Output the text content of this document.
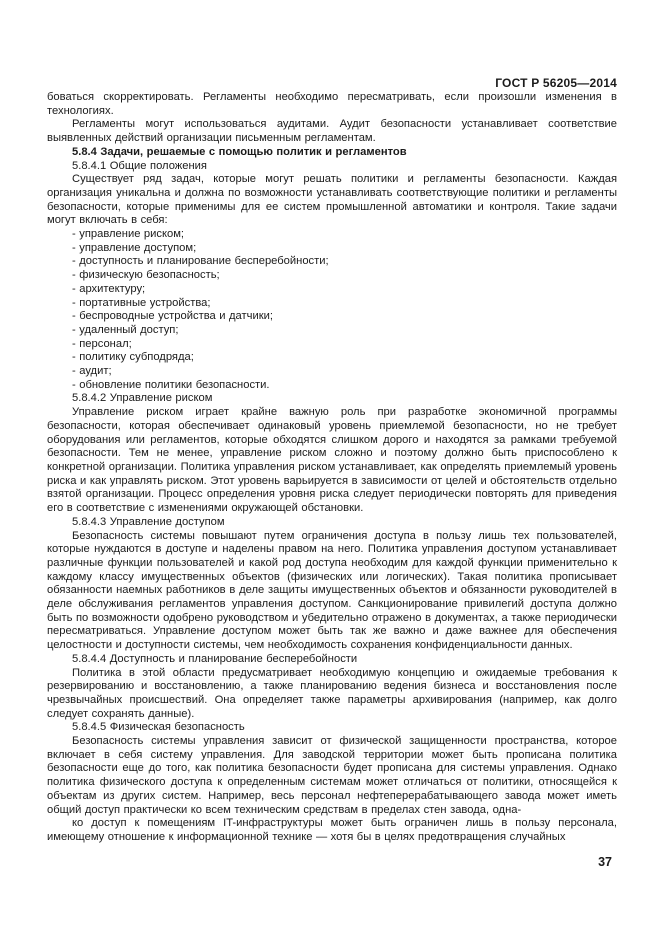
ГОСТ Р 56205—2014

боваться скорректировать. Регламенты необходимо пересматривать, если произошли изменения в технологиях.

Регламенты могут использоваться аудитами. Аудит безопасности устанавливает соответствие выявленных действий организации письменным регламентам.

5.8.4 Задачи, решаемые с помощью политик и регламентов

5.8.4.1 Общие положения

Существует ряд задач, которые могут решать политики и регламенты безопасности. Каждая организация уникальна и должна по возможности устанавливать соответствующие политики и регламенты безопасности, которые применимы для ее систем промышленной автоматики и контроля. Такие задачи могут включать в себя:

- управление риском;

- управление доступом;

- доступность и планирование бесперебойности;

- физическую безопасность;

- архитектуру;

- портативные устройства;

- беспроводные устройства и датчики;

- удаленный доступ;

- персонал;

- политику субподряда;

- аудит;

- обновление политики безопасности.

5.8.4.2 Управление риском

Управление риском играет крайне важную роль при разработке экономичной программы безопасности, которая обеспечивает одинаковый уровень приемлемой безопасности, но не требует оборудования или регламентов, которые обходятся слишком дорого и находятся за рамками требуемой безопасности. Тем не менее, управление риском сложно и поэтому должно быть приспособлено к конкретной организации. Политика управления риском устанавливает, как определять приемлемый уровень риска и как управлять риском. Этот уровень варьируется в зависимости от целей и обстоятельств отдельно взятой организации. Процесс определения уровня риска следует периодически повторять для приведения его в соответствие с изменениями окружающей обстановки.

5.8.4.3 Управление доступом

Безопасность системы повышают путем ограничения доступа в пользу лишь тех пользователей, которые нуждаются в доступе и наделены правом на него. Политика управления доступом устанавливает различные функции пользователей и какой род доступа необходим для каждой функции применительно к каждому классу имущественных объектов (физических или логических). Такая политика прописывает обязанности наемных работников в деле защиты имущественных объектов и обязанности руководителей в деле обслуживания регламентов управления доступом. Санкционирование привилегий доступа должно быть по возможности одобрено руководством и убедительно отражено в документах, а также периодически пересматриваться. Управление доступом может быть так же важно и даже важнее для обеспечения целостности и доступности системы, чем необходимость сохранения конфиденциальности данных.

5.8.4.4 Доступность и планирование бесперебойности

Политика в этой области предусматривает необходимую концепцию и ожидаемые требования к резервированию и восстановлению, а также планированию ведения бизнеса и восстановления после чрезвычайных происшествий. Она определяет также параметры архивирования (например, как долго следует сохранять данные).

5.8.4.5 Физическая безопасность

Безопасность системы управления зависит от физической защищенности пространства, которое включает в себя систему управления. Для заводской территории может быть прописана политика безопасности еще до того, как политика безопасности будет прописана для системы управления. Однако политика физического доступа к определенным системам может отличаться от политики, относящейся к объектам из других систем. Например, весь персонал нефтеперерабатывающего завода может иметь общий доступ практически ко всем техническим средствам в пределах стен завода, одна-

ко доступ к помещениям IT-инфраструктуры может быть ограничен лишь в пользу персонала, имеющему отношение к информационной технике — хотя бы в целях предотвращения случайных

37
